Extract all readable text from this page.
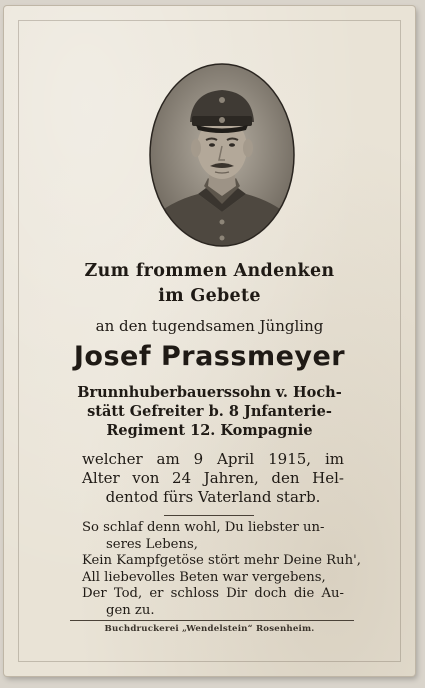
Zum frommen Andenken
im Gebete
an den tugendsamen Jüngling
Josef Prassmeyer
Brunnhuberbauerssohn v. Hoch-
stätt Gefreiter b. 8 Jnfanterie-
Regiment 12. Kompagnie
welcher am 9 April 1915, im
Alter von 24 Jahren, den Hel-
dentod fürs Vaterland starb.
So schlaf denn wohl, Du liebster un-
seres Lebens,
Kein Kampfgetöse stört mehr Deine Ruh',
All liebevolles Beten war vergebens,
Der Tod, er schloss Dir doch die Au-
gen zu.
Buchdruckerei „Wendelstein“ Rosenheim.
